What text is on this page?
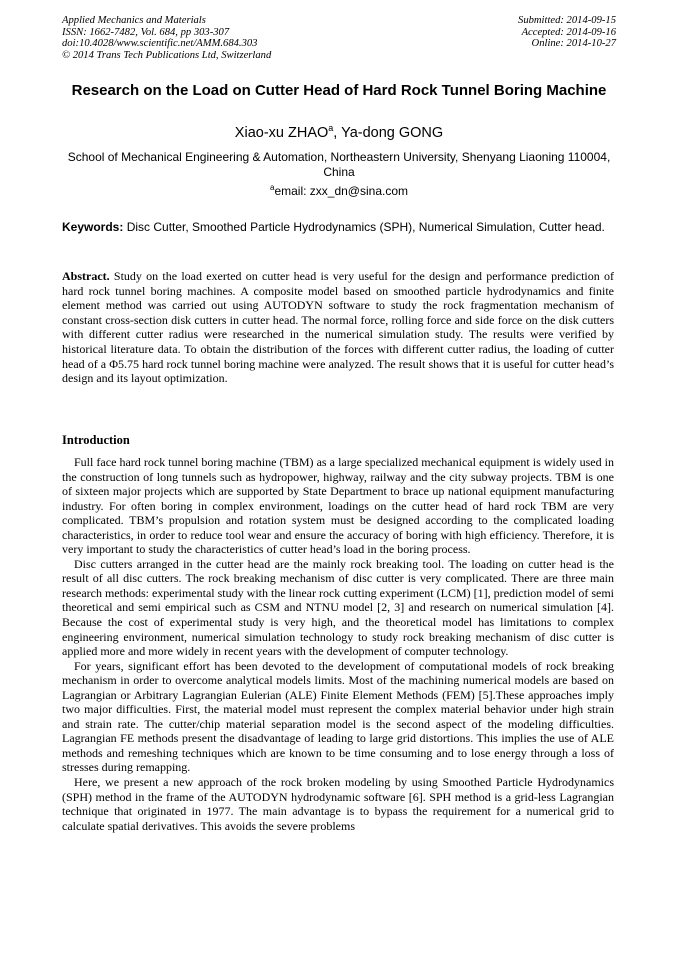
Applied Mechanics and Materials
ISSN: 1662-7482, Vol. 684, pp 303-307
doi:10.4028/www.scientific.net/AMM.684.303
© 2014 Trans Tech Publications Ltd, Switzerland
Submitted: 2014-09-15
Accepted: 2014-09-16
Online: 2014-10-27
Research on the Load on Cutter Head of Hard Rock Tunnel Boring Machine
Xiao-xu ZHAO$^a$, Ya-dong GONG
School of Mechanical Engineering & Automation, Northeastern University, Shenyang Liaoning 110004, China
$^a$email: zxx_dn@sina.com
Keywords: Disc Cutter, Smoothed Particle Hydrodynamics (SPH), Numerical Simulation, Cutter head.
Abstract. Study on the load exerted on cutter head is very useful for the design and performance prediction of hard rock tunnel boring machines. A composite model based on smoothed particle hydrodynamics and finite element method was carried out using AUTODYN software to study the rock fragmentation mechanism of constant cross-section disk cutters in cutter head. The normal force, rolling force and side force on the disk cutters with different cutter radius were researched in the numerical simulation study. The results were verified by historical literature data. To obtain the distribution of the forces with different cutter radius, the loading of cutter head of a Φ5.75 hard rock tunnel boring machine were analyzed. The result shows that it is useful for cutter head’s design and its layout optimization.
Introduction

Full face hard rock tunnel boring machine (TBM) as a large specialized mechanical equipment is widely used in the construction of long tunnels such as hydropower, highway, railway and the city subway projects. TBM is one of sixteen major projects which are supported by State Department to brace up national equipment manufacturing industry. For often boring in complex environment, loadings on the cutter head of hard rock TBM are very complicated. TBM’s propulsion and rotation system must be designed according to the complicated loading characteristics, in order to reduce tool wear and ensure the accuracy of boring with high efficiency. Therefore, it is very important to study the characteristics of cutter head’s load in the boring process.

Disc cutters arranged in the cutter head are the mainly rock breaking tool. The loading on cutter head is the result of all disc cutters. The rock breaking mechanism of disc cutter is very complicated. There are three main research methods: experimental study with the linear rock cutting experiment (LCM) [1], prediction model of semi theoretical and semi empirical such as CSM and NTNU model [2, 3] and research on numerical simulation [4]. Because the cost of experimental study is very high, and the theoretical model has limitations to complex engineering environment, numerical simulation technology to study rock breaking mechanism of disc cutter is applied more and more widely in recent years with the development of computer technology.

For years, significant effort has been devoted to the development of computational models of rock breaking mechanism in order to overcome analytical models limits. Most of the machining numerical models are based on Lagrangian or Arbitrary Lagrangian Eulerian (ALE) Finite Element Methods (FEM) [5].These approaches imply two major difficulties. First, the material model must represent the complex material behavior under high strain and strain rate. The cutter/chip material separation model is the second aspect of the modeling difficulties. Lagrangian FE methods present the disadvantage of leading to large grid distortions. This implies the use of ALE methods and remeshing techniques which are known to be time consuming and to lose energy through a loss of stresses during remapping.

Here, we present a new approach of the rock broken modeling by using Smoothed Particle Hydrodynamics (SPH) method in the frame of the AUTODYN hydrodynamic software [6]. SPH method is a grid-less Lagrangian technique that originated in 1977. The main advantage is to bypass the requirement for a numerical grid to calculate spatial derivatives. This avoids the severe problems
